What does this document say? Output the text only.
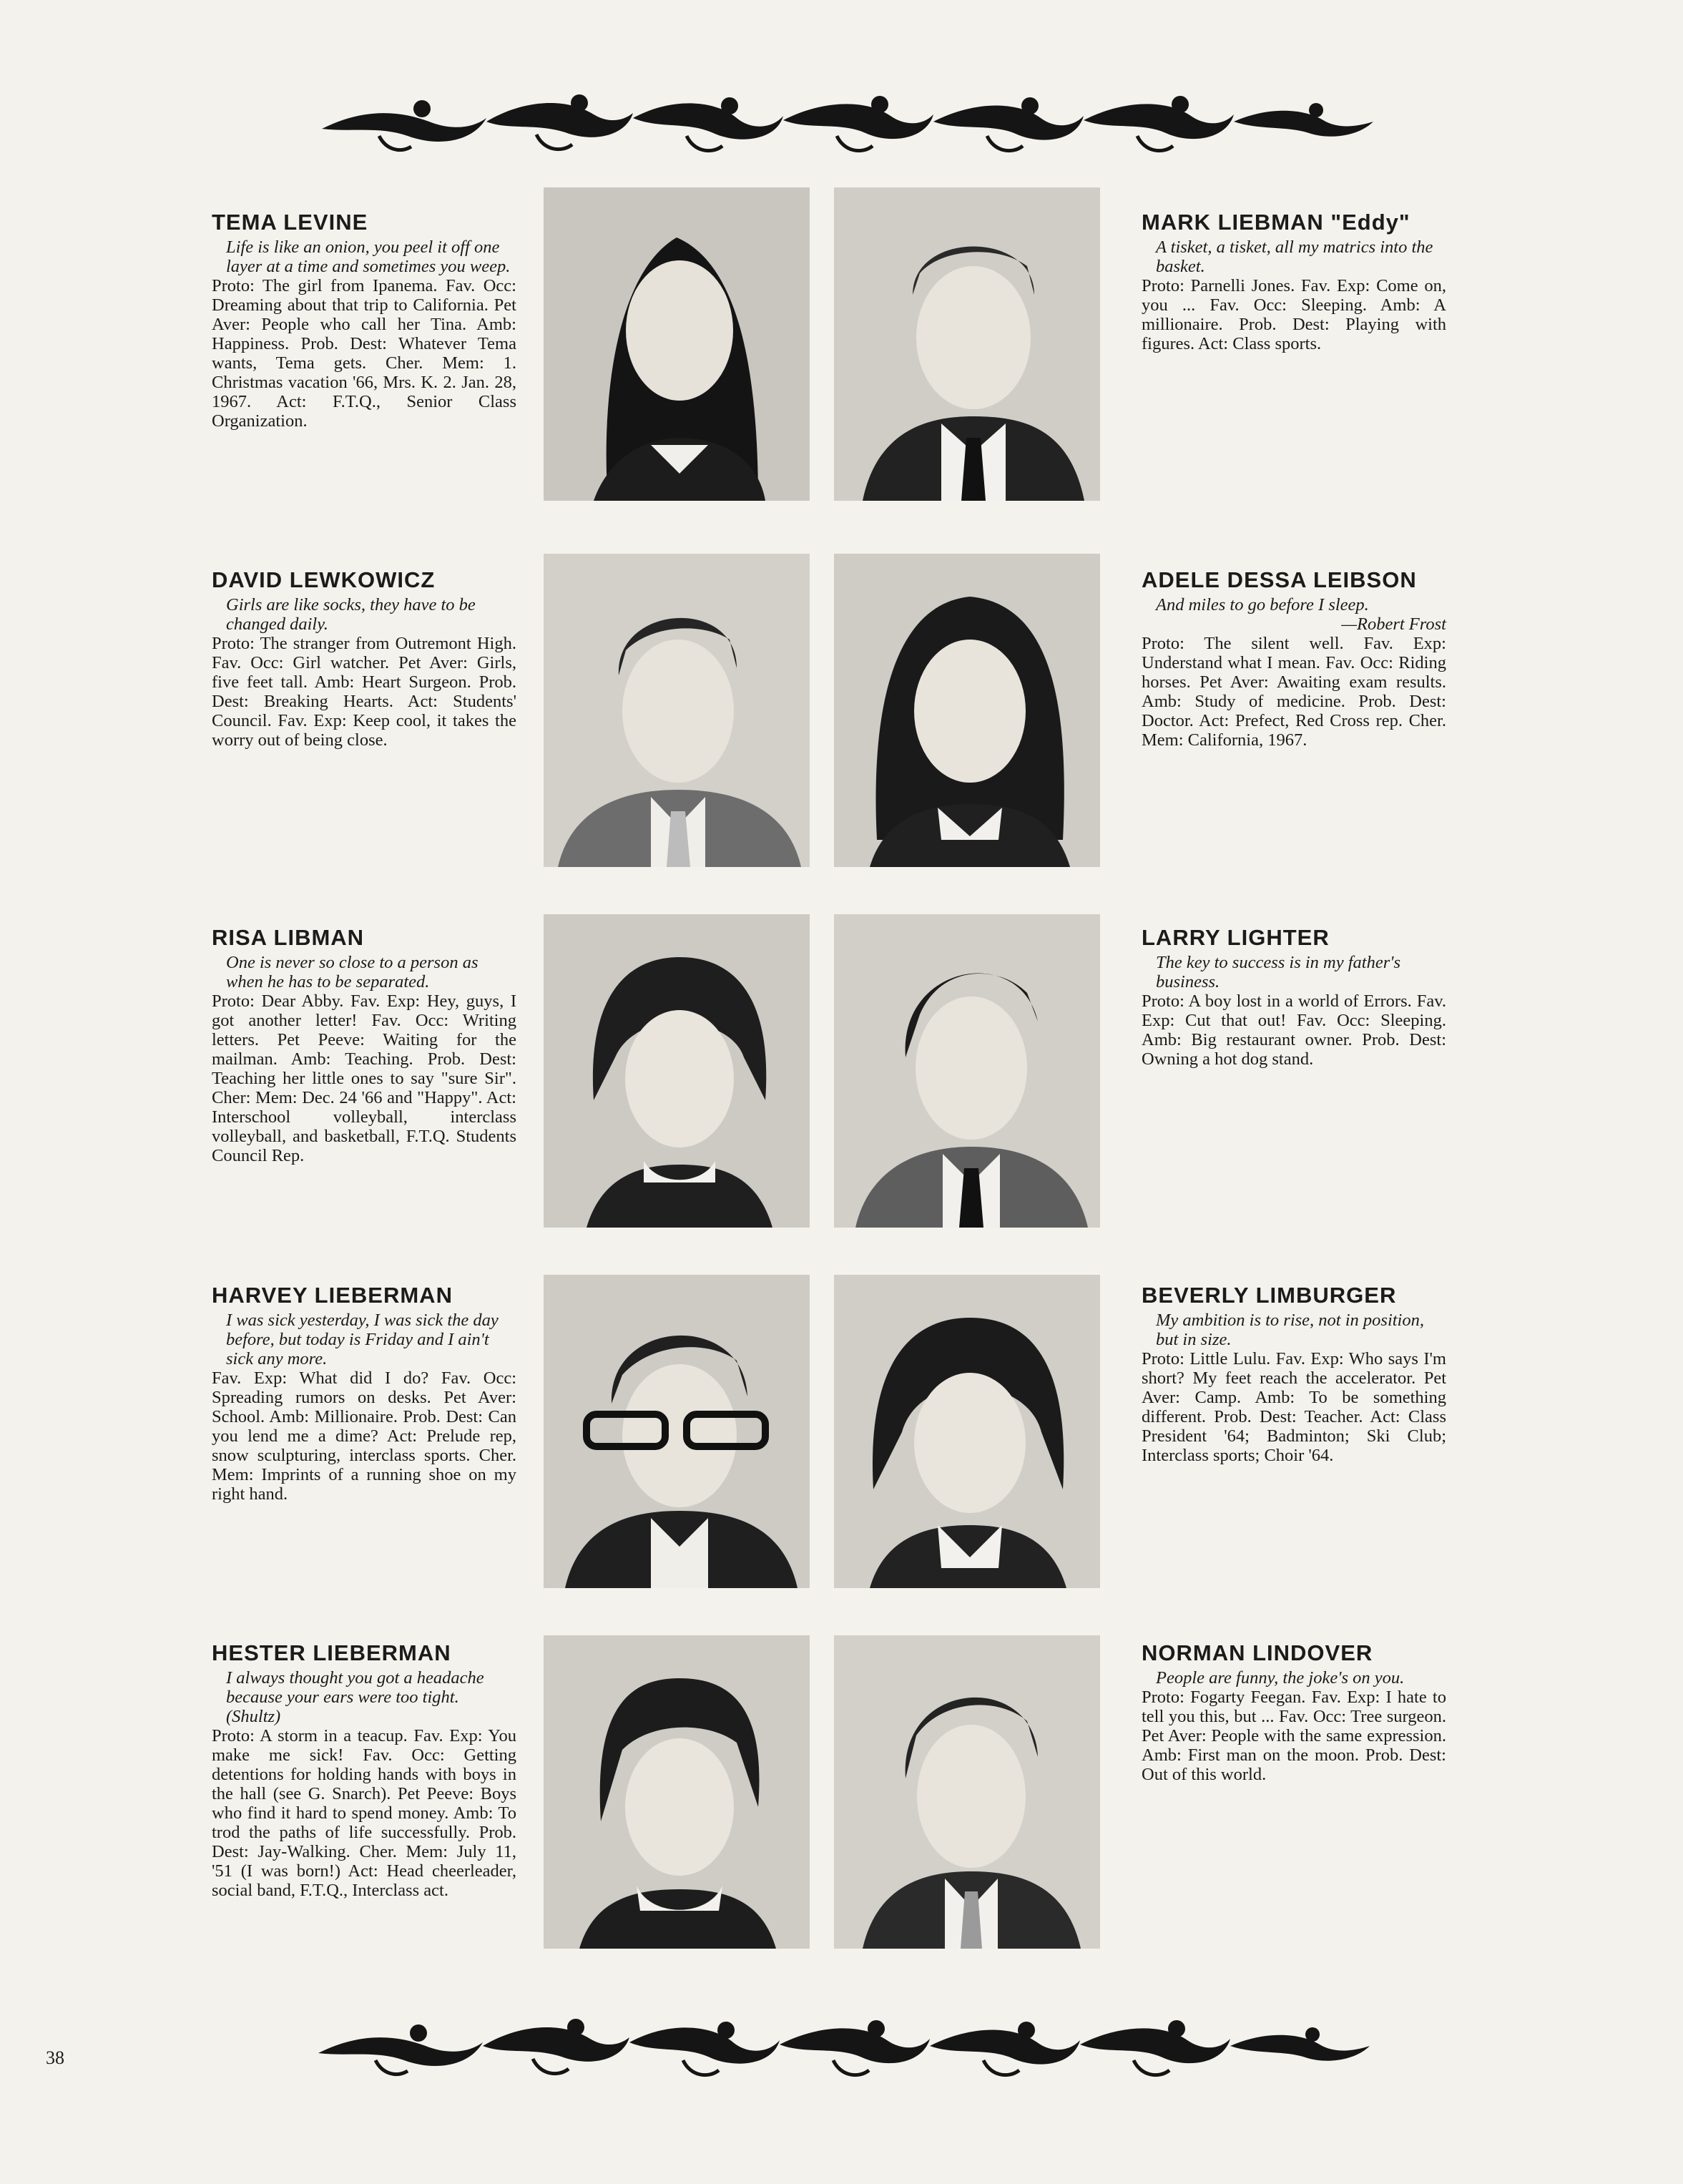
TEMA LEVINE
Life is like an onion, you peel it off one layer at a time and sometimes you weep.
Proto: The girl from Ipanema. Fav. Occ: Dreaming about that trip to California. Pet Aver: People who call her Tina. Amb: Happiness. Prob. Dest: Whatever Tema wants, Tema gets. Cher. Mem: 1. Christmas vacation '66, Mrs. K. 2. Jan. 28, 1967. Act: F.T.Q., Senior Class Organization.
MARK LIEBMAN "Eddy"
A tisket, a tisket, all my matrics into the basket.
Proto: Parnelli Jones. Fav. Exp: Come on, you ... Fav. Occ: Sleeping. Amb: A millionaire. Prob. Dest: Playing with figures. Act: Class sports.
DAVID LEWKOWICZ
Girls are like socks, they have to be changed daily.
Proto: The stranger from Outremont High. Fav. Occ: Girl watcher. Pet Aver: Girls, five feet tall. Amb: Heart Surgeon. Prob. Dest: Breaking Hearts. Act: Students' Council. Fav. Exp: Keep cool, it takes the worry out of being close.
ADELE DESSA LEIBSON
And miles to go before I sleep.
—Robert Frost
Proto: The silent well. Fav. Exp: Understand what I mean. Fav. Occ: Riding horses. Pet Aver: Awaiting exam results. Amb: Study of medicine. Prob. Dest: Doctor. Act: Prefect, Red Cross rep. Cher. Mem: California, 1967.
RISA LIBMAN
One is never so close to a person as when he has to be separated.
Proto: Dear Abby. Fav. Exp: Hey, guys, I got another letter! Fav. Occ: Writing letters. Pet Peeve: Waiting for the mailman. Amb: Teaching. Prob. Dest: Teaching her little ones to say "sure Sir". Cher: Mem: Dec. 24 '66 and "Happy". Act: Interschool volleyball, interclass volleyball, and basketball, F.T.Q. Students Council Rep.
LARRY LIGHTER
The key to success is in my father's business.
Proto: A boy lost in a world of Errors. Fav. Exp: Cut that out! Fav. Occ: Sleeping. Amb: Big restaurant owner. Prob. Dest: Owning a hot dog stand.
HARVEY LIEBERMAN
I was sick yesterday, I was sick the day before, but today is Friday and I ain't sick any more.
Fav. Exp: What did I do? Fav. Occ: Spreading rumors on desks. Pet Aver: School. Amb: Millionaire. Prob. Dest: Can you lend me a dime? Act: Prelude rep, snow sculpturing, interclass sports. Cher. Mem: Imprints of a running shoe on my right hand.
BEVERLY LIMBURGER
My ambition is to rise, not in position, but in size.
Proto: Little Lulu. Fav. Exp: Who says I'm short? My feet reach the accelerator. Pet Aver: Camp. Amb: To be something different. Prob. Dest: Teacher. Act: Class President '64; Badminton; Ski Club; Interclass sports; Choir '64.
HESTER LIEBERMAN
I always thought you got a headache because your ears were too tight. (Shultz)
Proto: A storm in a teacup. Fav. Exp: You make me sick! Fav. Occ: Getting detentions for holding hands with boys in the hall (see G. Snarch). Pet Peeve: Boys who find it hard to spend money. Amb: To trod the paths of life successfully. Prob. Dest: Jay-Walking. Cher. Mem: July 11, '51 (I was born!) Act: Head cheerleader, social band, F.T.Q., Interclass act.
NORMAN LINDOVER
People are funny, the joke's on you.
Proto: Fogarty Feegan. Fav. Exp: I hate to tell you this, but ... Fav. Occ: Tree surgeon. Pet Aver: People with the same expression. Amb: First man on the moon. Prob. Dest: Out of this world.
38
